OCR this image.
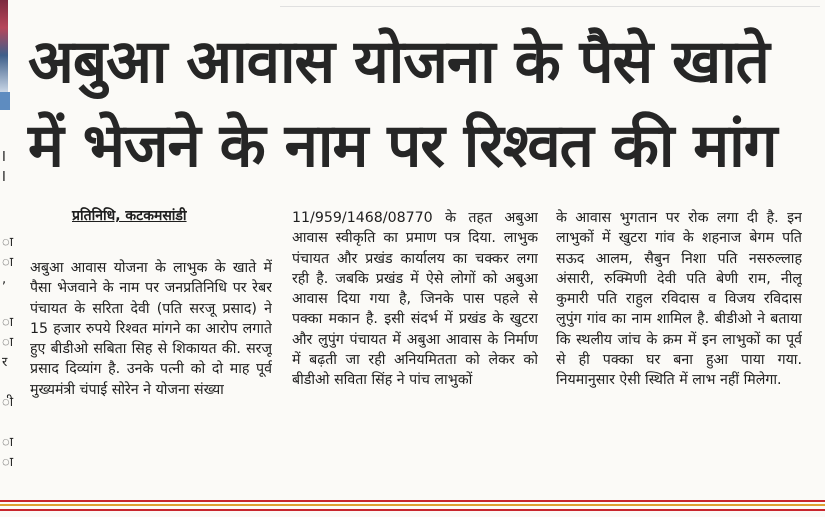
I
I
ा
ा
,
ा
ा
र
ी
ा
ा
अबुआ आवास योजना के पैसे खाते
में भेजने के नाम पर रिश्वत की मांग
प्रतिनिधि, कटकमसांडी

अबुआ आवास योजना के लाभुक के खाते में पैसा भेजवाने के नाम पर जनप्रतिनिधि पर रेबर पंचायत के सरिता देवी (पति सरजू प्रसाद) ने 15 हजार रुपये रिश्वत मांगने का आरोप लगाते हुए बीडीओ सबिता सिह से शिकायत की. सरजू प्रसाद दिव्यांग है. उनके पत्नी को दो माह पूर्व मुख्यमंत्री चंपाई सोरेन ने योजना संख्या

11/959/1468/08770 के तहत अबुआ आवास स्वीकृति का प्रमाण पत्र दिया. लाभुक पंचायत और प्रखंड कार्यालय का चक्कर लगा रही है. जबकि प्रखंड में ऐसे लोगों को अबुआ आवास दिया गया है, जिनके पास पहले से पक्का मकान है. इसी संदर्भ में प्रखंड के खुटरा और लुपुंग पंचायत में अबुआ आवास के निर्माण में बढ़ती जा रही अनियमितता को लेकर को बीडीओ सविता सिंह ने पांच लाभुकों

के आवास भुगतान पर रोक लगा दी है. इन लाभुकों में खुटरा गांव के शहनाज बेगम पति सऊद आलम, सैबुन निशा पति नसरुल्लाह अंसारी, रुक्मिणी देवी पति बेणी राम, नीलू कुमारी पति राहुल रविदास व विजय रविदास लुपुंग गांव का नाम शामिल है. बीडीओ ने बताया कि स्थलीय जांच के क्रम में इन लाभुकों का पूर्व से ही पक्का घर बना हुआ पाया गया. नियमानुसार ऐसी स्थिति में लाभ नहीं मिलेगा.
